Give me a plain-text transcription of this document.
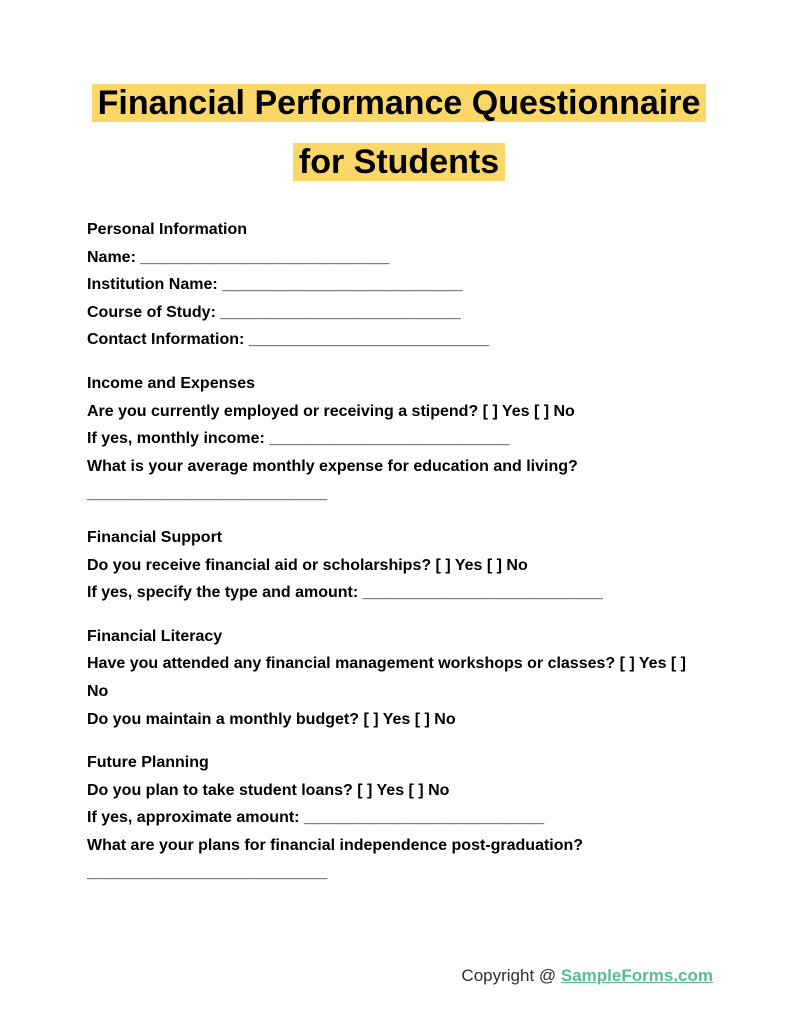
Financial Performance Questionnaire
for Students
Personal Information
Name: ____________________________
Institution Name: ___________________________
Course of Study: ___________________________
Contact Information: ___________________________
Income and Expenses
Are you currently employed or receiving a stipend? [ ] Yes [ ] No
If yes, monthly income: ___________________________
What is your average monthly expense for education and living?
___________________________
Financial Support
Do you receive financial aid or scholarships? [ ] Yes [ ] No
If yes, specify the type and amount: ___________________________
Financial Literacy
Have you attended any financial management workshops or classes? [ ] Yes [ ]
No
Do you maintain a monthly budget? [ ] Yes [ ] No
Future Planning
Do you plan to take student loans? [ ] Yes [ ] No
If yes, approximate amount: ___________________________
What are your plans for financial independence post-graduation?
___________________________
Copyright @ SampleForms.com
